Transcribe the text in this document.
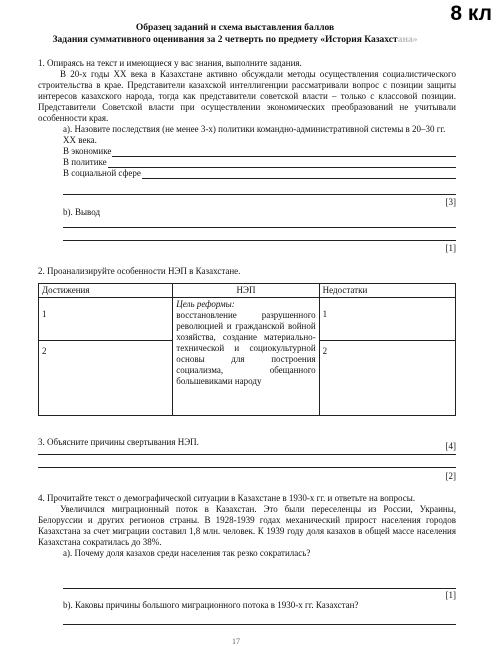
8 кл
Образец заданий и схема выставления баллов
Задания суммативного оценивания за 2 четверть по предмету «История Казахстана»
1. Опираясь на текст и имеющиеся у вас знания, выполните задания.

В 20-х годы XX века в Казахстане активно обсуждали методы осуществления социалистического строительства в крае. Представители казахской интеллигенции рассматривали вопрос с позиции защиты интересов казахского народа, тогда как представители советской власти – только с классовой позиции. Представители Советской власти при осуществлении экономических преобразований не учитывали особенности края.

а). Назовите последствия (не менее 3-х) политики командно-административной системы в 20–30 гг. XX века.
В экономике
В политике
В социальной сфере
[3]
b). Вывод
[1]
2. Проанализируйте особенности НЭП в Казахстане.
Достижения	НЭП	Недостатки

1	Цель реформы:
восстановление разрушенного революцией и гражданской войной хозяйства, создание материально-технической и социокультурной основы для построения социализма, обещанного большевиками народу	1

2		2
[4]
3. Объясните причины свертывания НЭП.
[2]
4. Прочитайте текст о демографической ситуации в Казахстане в 1930-х гг. и ответьте на вопросы.

Увеличился миграционный поток в Казахстан. Это были переселенцы из России, Украины, Белоруссии и других регионов страны. В 1928-1939 годах механический прирост населения городов Казахстана за счет миграции составил 1,8 млн. человек. К 1939 году доля казахов в общей массе населения Казахстана сократилась до 38%.

а). Почему доля казахов среди населения так резко сократилась?
[1]
b). Каковы причины большого миграционного потока в 1930-х гг. Казахстан?
17
